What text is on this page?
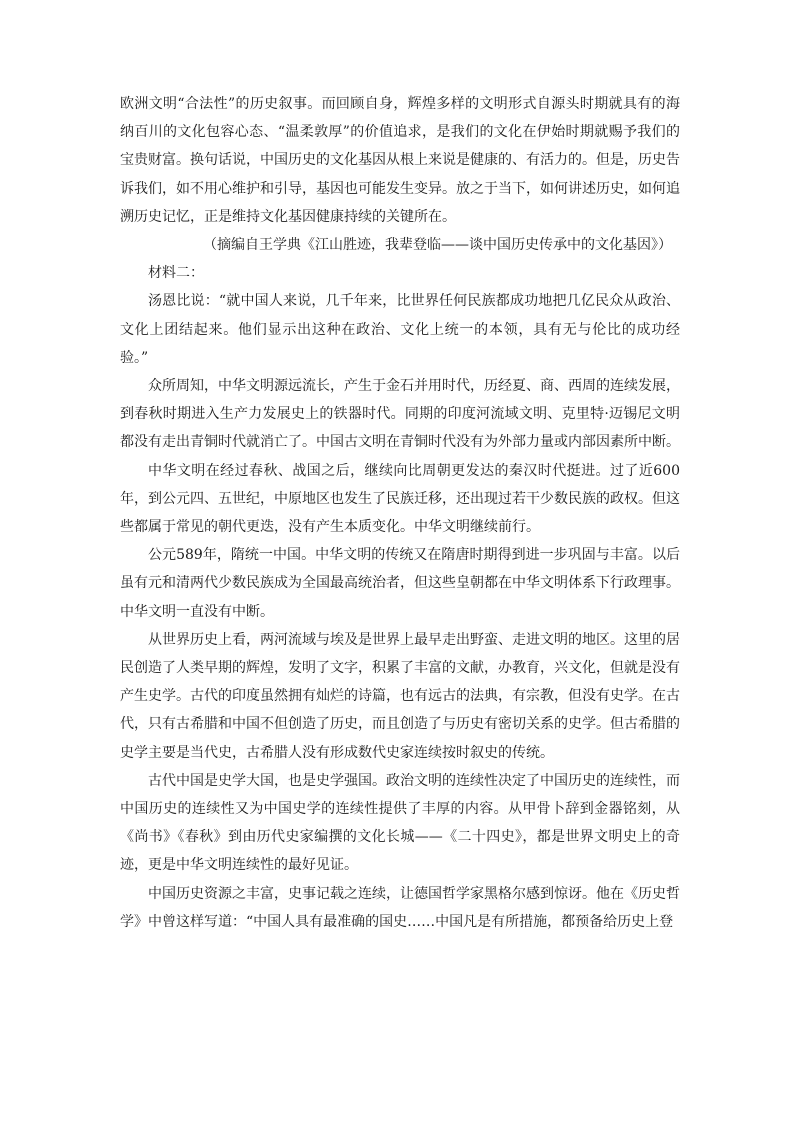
欧洲文明“合法性”的历史叙事。而回顾自身，辉煌多样的文明形式自源头时期就具有的海纳百川的文化包容心态、“温柔敦厚”的价值追求，是我们的文化在伊始时期就赐予我们的宝贵财富。换句话说，中国历史的文化基因从根上来说是健康的、有活力的。但是，历史告诉我们，如不用心维护和引导，基因也可能发生变异。放之于当下，如何讲述历史，如何追溯历史记忆，正是维持文化基因健康持续的关键所在。

（摘编自王学典《江山胜迹，我辈登临——谈中国历史传承中的文化基因》）

材料二：

汤恩比说：“就中国人来说，几千年来，比世界任何民族都成功地把几亿民众从政治、文化上团结起来。他们显示出这种在政治、文化上统一的本领，具有无与伦比的成功经验。”

众所周知，中华文明源远流长，产生于金石并用时代，历经夏、商、西周的连续发展，到春秋时期进入生产力发展史上的铁器时代。同期的印度河流域文明、克里特·迈锡尼文明都没有走出青铜时代就消亡了。中国古文明在青铜时代没有为外部力量或内部因素所中断。

中华文明在经过春秋、战国之后，继续向比周朝更发达的秦汉时代挺进。过了近600年，到公元四、五世纪，中原地区也发生了民族迁移，还出现过若干少数民族的政权。但这些都属于常见的朝代更迭，没有产生本质变化。中华文明继续前行。

公元589年，隋统一中国。中华文明的传统又在隋唐时期得到进一步巩固与丰富。以后虽有元和清两代少数民族成为全国最高统治者，但这些皇朝都在中华文明体系下行政理事。中华文明一直没有中断。

从世界历史上看，两河流域与埃及是世界上最早走出野蛮、走进文明的地区。这里的居民创造了人类早期的辉煌，发明了文字，积累了丰富的文献，办教育，兴文化，但就是没有产生史学。古代的印度虽然拥有灿烂的诗篇，也有远古的法典，有宗教，但没有史学。在古代，只有古希腊和中国不但创造了历史，而且创造了与历史有密切关系的史学。但古希腊的史学主要是当代史，古希腊人没有形成数代史家连续按时叙史的传统。

古代中国是史学大国，也是史学强国。政治文明的连续性决定了中国历史的连续性，而中国历史的连续性又为中国史学的连续性提供了丰厚的内容。从甲骨卜辞到金器铭刻，从《尚书》《春秋》到由历代史家编撰的文化长城——《二十四史》，都是世界文明史上的奇迹，更是中华文明连续性的最好见证。

中国历史资源之丰富，史事记载之连续，让德国哲学家黑格尔感到惊讶。他在《历史哲学》中曾这样写道：“中国人具有最准确的国史……中国凡是有所措施，都预备给历史上登
